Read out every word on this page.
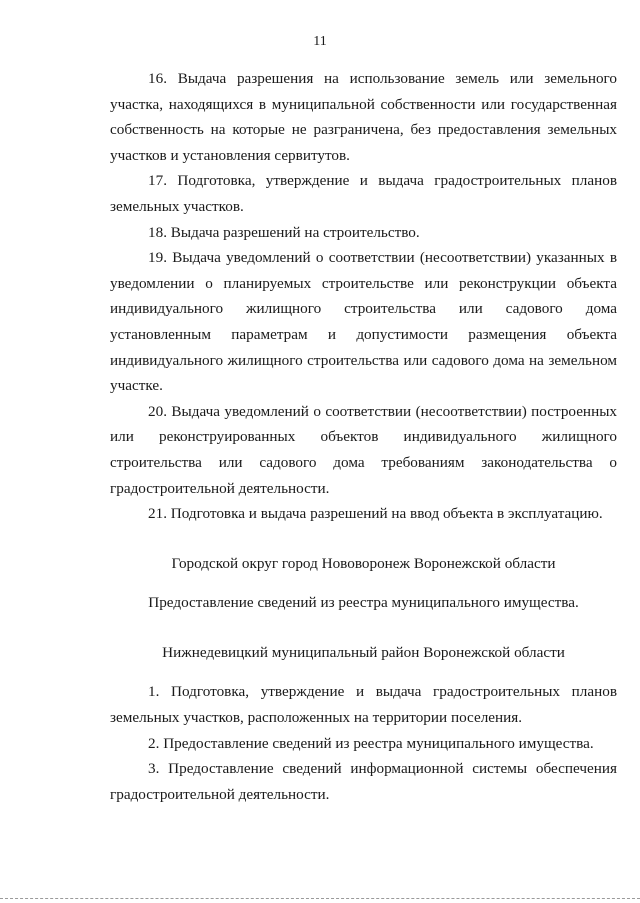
11

16. Выдача разрешения на использование земель или земельного участка, находящихся в муниципальной собственности или государственная собственность на которые не разграничена, без предоставления земельных участков и установления сервитутов.

17. Подготовка, утверждение и выдача градостроительных планов земельных участков.

18. Выдача разрешений на строительство.

19. Выдача уведомлений о соответствии (несоответствии) указанных в уведомлении о планируемых строительстве или реконструкции объекта индивидуального жилищного строительства или садового дома установленным параметрам и допустимости размещения объекта индивидуального жилищного строительства или садового дома на земельном участке.

20. Выдача уведомлений о соответствии (несоответствии) построенных или реконструированных объектов индивидуального жилищного строительства или садового дома требованиям законодательства о градостроительной деятельности.

21. Подготовка и выдача разрешений на ввод объекта в эксплуатацию.

Городской округ город Нововоронеж Воронежской области

Предоставление сведений из реестра муниципального имущества.

Нижнедевицкий муниципальный район Воронежской области

1. Подготовка, утверждение и выдача градостроительных планов земельных участков, расположенных на территории поселения.

2. Предоставление сведений из реестра муниципального имущества.

3. Предоставление сведений информационной системы обеспечения градостроительной деятельности.
